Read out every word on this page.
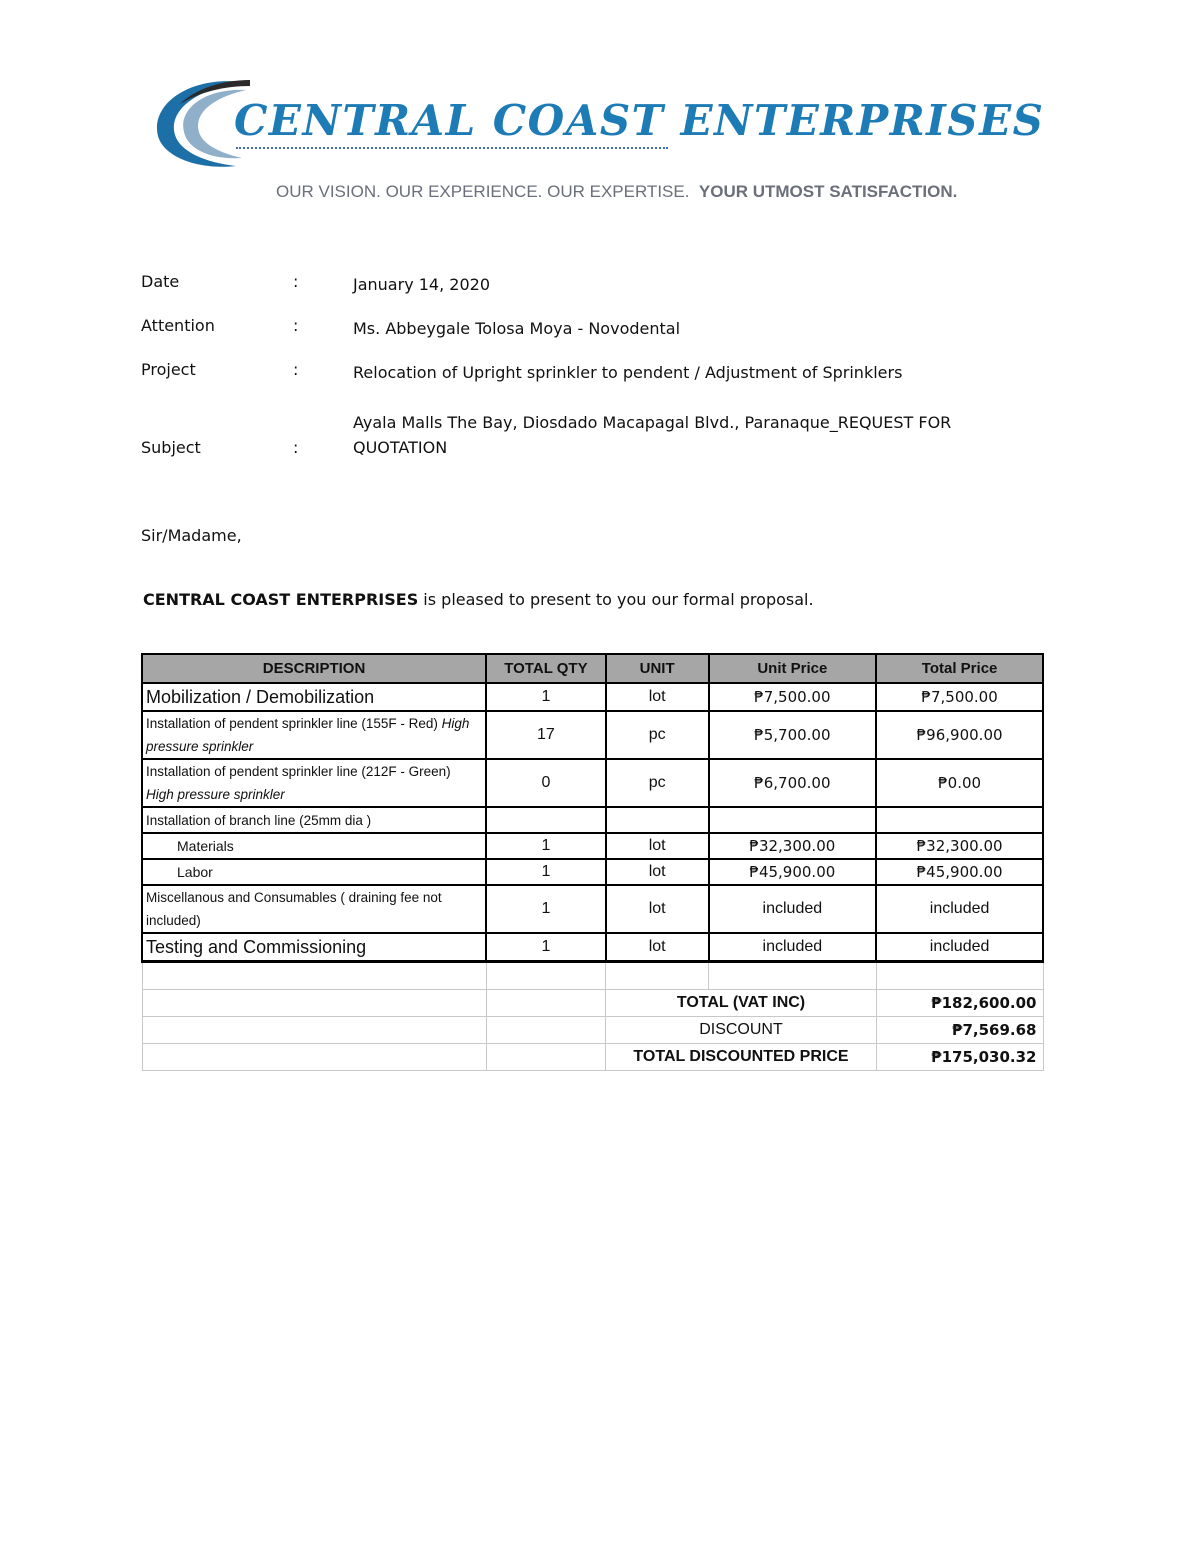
CENTRAL COAST ENTERPRISES
OUR VISION. OUR EXPERIENCE. OUR EXPERTISE. YOUR UTMOST SATISFACTION.
Date	:	January 14, 2020
Attention	:	Ms. Abbeygale Tolosa Moya - Novodental
Project	:	Relocation of Upright sprinkler to pendent / Adjustment of Sprinklers
Subject	:
Ayala Malls The Bay, Diosdado Macapagal Blvd., Paranaque_REQUEST FOR QUOTATION
Sir/Madame,
CENTRAL COAST ENTERPRISES is pleased to present to you our formal proposal.
DESCRIPTION	TOTAL QTY	UNIT	Unit Price	Total Price
Mobilization / Demobilization	1	lot	₱7,500.00	₱7,500.00
Installation of pendent sprinkler line (155F - Red) High pressure sprinkler	17	pc	₱5,700.00	₱96,900.00
Installation of pendent sprinkler line (212F - Green) High pressure sprinkler	0	pc	₱6,700.00	₱0.00
Installation of branch line (25mm dia )				
Materials	1	lot	₱32,300.00	₱32,300.00
Labor	1	lot	₱45,900.00	₱45,900.00
Miscellanous and Consumables ( draining fee not included)	1	lot	included	included
Testing and Commissioning	1	lot	included	included

		TOTAL (VAT INC)		₱182,600.00
		DISCOUNT		₱7,569.68
		TOTAL DISCOUNTED PRICE		₱175,030.32
